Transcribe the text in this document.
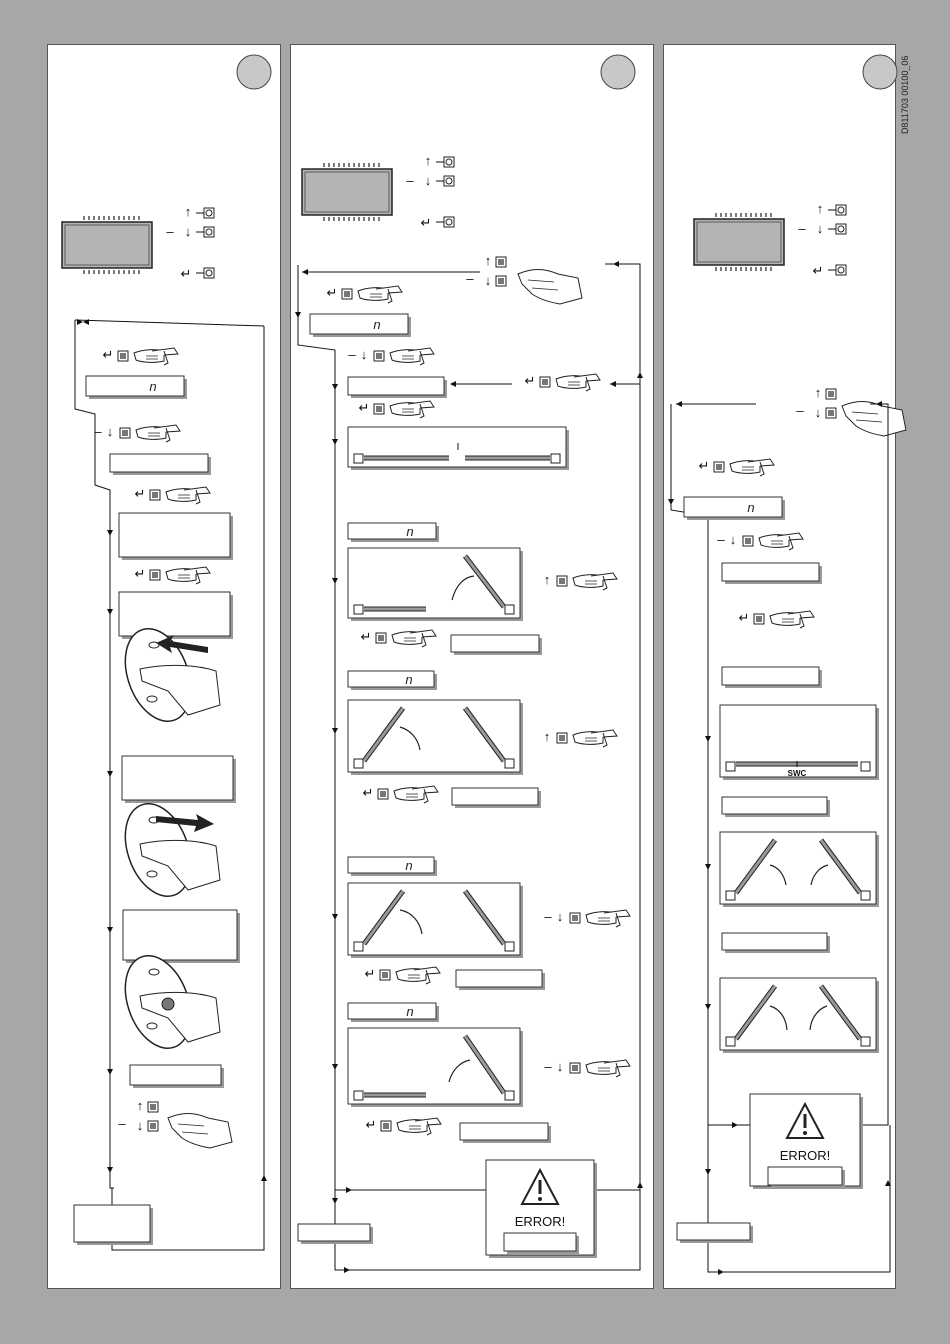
D811703 00100_06
↑
– ↓
↵
↵
n
– ↓
↵
↵
↑
↓
–
↑
– ↓
↵
↑
↓
–
↵
n
– ↓
↵
↵
n
↑
↵
n
↑
↵
n
– ↓
↵
n
– ↓
↵
ERROR!
↑
– ↓
↵
↑
↓
–
↵
n
– ↓
↵
SWC
ERROR!
